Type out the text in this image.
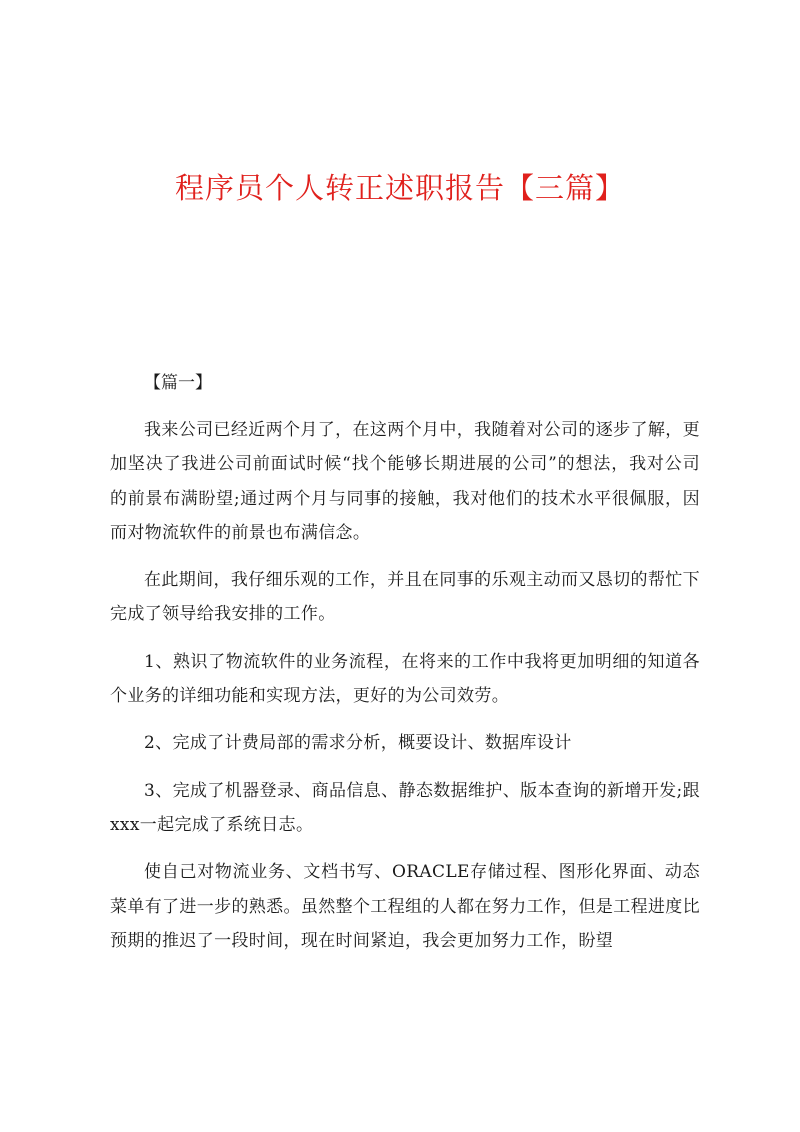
程序员个人转正述职报告【三篇】
【篇一】

我来公司已经近两个月了，在这两个月中，我随着对公司的逐步了解，更加坚决了我进公司前面试时候“找个能够长期进展的公司”的想法，我对公司的前景布满盼望;通过两个月与同事的接触，我对他们的技术水平很佩服，因而对物流软件的前景也布满信念。

在此期间，我仔细乐观的工作，并且在同事的乐观主动而又恳切的帮忙下完成了领导给我安排的工作。

1、熟识了物流软件的业务流程，在将来的工作中我将更加明细的知道各个业务的详细功能和实现方法，更好的为公司效劳。

2、完成了计费局部的需求分析，概要设计、数据库设计

3、完成了机器登录、商品信息、静态数据维护、版本查询的新增开发;跟xxx一起完成了系统日志。

使自己对物流业务、文档书写、ORACLE存储过程、图形化界面、动态菜单有了进一步的熟悉。虽然整个工程组的人都在努力工作，但是工程进度比预期的推迟了一段时间，现在时间紧迫，我会更加努力工作，盼望
